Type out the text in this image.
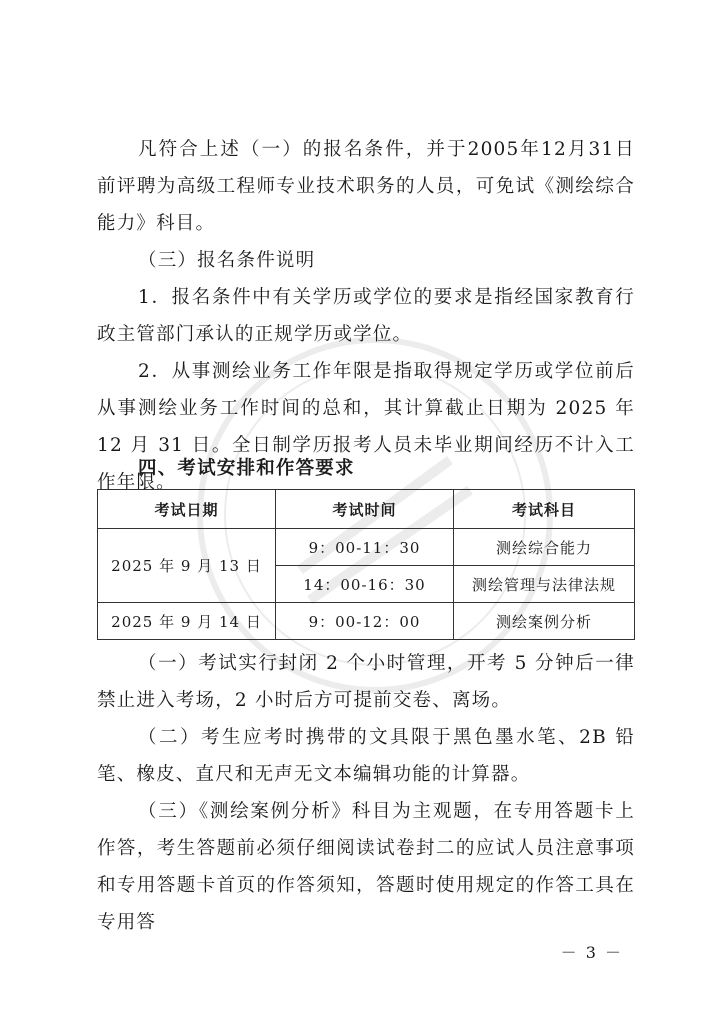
凡符合上述（一）的报名条件，并于2005年12月31日前评聘为高级工程师专业技术职务的人员，可免试《测绘综合能力》科目。

（三）报名条件说明

1．报名条件中有关学历或学位的要求是指经国家教育行政主管部门承认的正规学历或学位。

2．从事测绘业务工作年限是指取得规定学历或学位前后从事测绘业务工作时间的总和，其计算截止日期为 2025 年 12 月 31 日。全日制学历报考人员未毕业期间经历不计入工作年限。

四、考试安排和作答要求

考试日期	考试时间	考试科目
2025 年 9 月 13 日	9：00-11：30	测绘综合能力
	14：00-16：30	测绘管理与法律法规
2025 年 9 月 14 日	9：00-12：00	测绘案例分析

（一）考试实行封闭 2 个小时管理，开考 5 分钟后一律禁止进入考场，2 小时后方可提前交卷、离场。

（二）考生应考时携带的文具限于黑色墨水笔、2B 铅笔、橡皮、直尺和无声无文本编辑功能的计算器。

（三）《测绘案例分析》科目为主观题，在专用答题卡上作答，考生答题前必须仔细阅读试卷封二的应试人员注意事项和专用答题卡首页的作答须知，答题时使用规定的作答工具在专用答

－ 3 －
